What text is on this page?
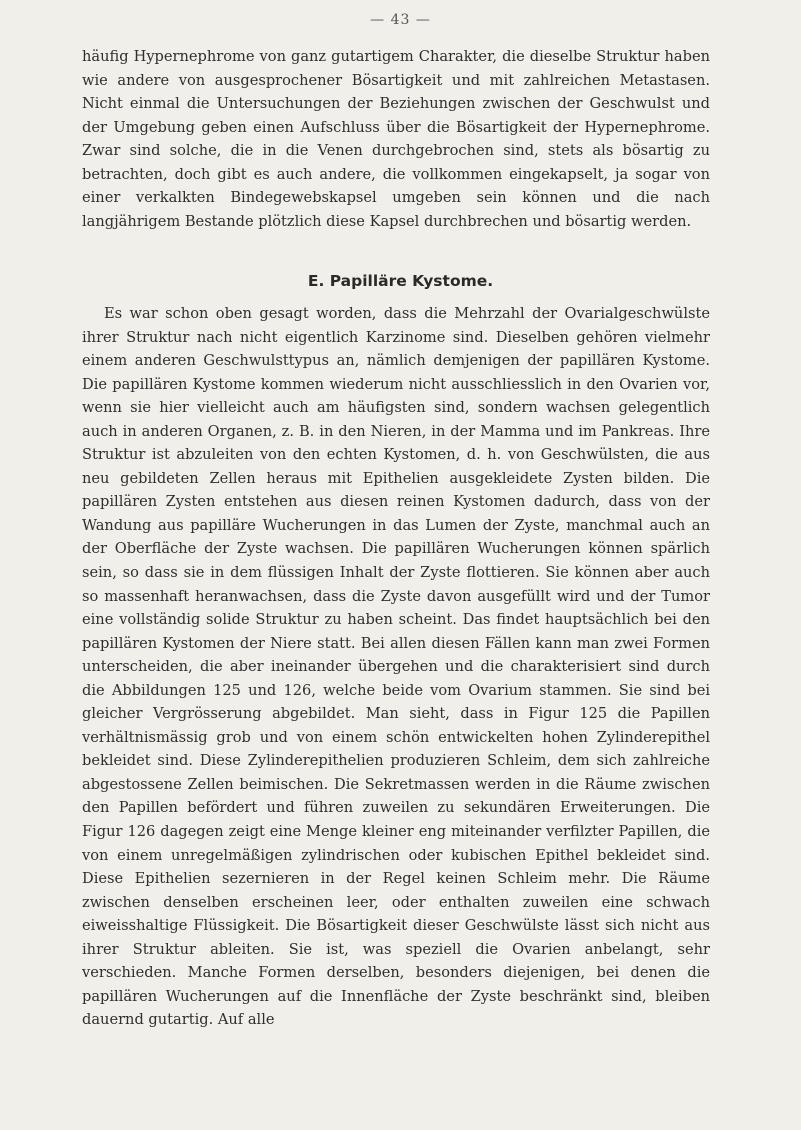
— 43 —
häufig Hypernephrome von ganz gutartigem Charakter, die dieselbe Struktur haben wie andere von ausgesprochener Bösartigkeit und mit zahlreichen Metastasen. Nicht einmal die Untersuchungen der Beziehungen zwischen der Geschwulst und der Umgebung geben einen Aufschluss über die Bösartigkeit der Hypernephrome. Zwar sind solche, die in die Venen durchgebrochen sind, stets als bösartig zu betrachten, doch gibt es auch andere, die vollkommen eingekapselt, ja sogar von einer verkalkten Bindegewebskapsel umgeben sein können und die nach langjährigem Bestande plötzlich diese Kapsel durchbrechen und bösartig werden.
E. Papilläre Kystome.
Es war schon oben gesagt worden, dass die Mehrzahl der Ovarialgeschwülste ihrer Struktur nach nicht eigentlich Karzinome sind. Dieselben gehören vielmehr einem anderen Geschwulsttypus an, nämlich demjenigen der papillären Kystome. Die papillären Kystome kommen wiederum nicht ausschliesslich in den Ovarien vor, wenn sie hier vielleicht auch am häufigsten sind, sondern wachsen gelegentlich auch in anderen Organen, z. B. in den Nieren, in der Mamma und im Pankreas. Ihre Struktur ist abzuleiten von den echten Kystomen, d. h. von Geschwülsten, die aus neu gebildeten Zellen heraus mit Epithelien ausgekleidete Zysten bilden. Die papillären Zysten entstehen aus diesen reinen Kystomen dadurch, dass von der Wandung aus papilläre Wucherungen in das Lumen der Zyste, manchmal auch an der Oberfläche der Zyste wachsen. Die papillären Wucherungen können spärlich sein, so dass sie in dem flüssigen Inhalt der Zyste flottieren. Sie können aber auch so massenhaft heranwachsen, dass die Zyste davon ausgefüllt wird und der Tumor eine vollständig solide Struktur zu haben scheint. Das findet hauptsächlich bei den papillären Kystomen der Niere statt. Bei allen diesen Fällen kann man zwei Formen unterscheiden, die aber ineinander übergehen und die charakterisiert sind durch die Abbildungen 125 und 126, welche beide vom Ovarium stammen. Sie sind bei gleicher Vergrösserung abgebildet. Man sieht, dass in Figur 125 die Papillen verhältnismässig grob und von einem schön entwickelten hohen Zylinderepithel bekleidet sind. Diese Zylinderepithelien produzieren Schleim, dem sich zahlreiche abgestossene Zellen beimischen. Die Sekretmassen werden in die Räume zwischen den Papillen befördert und führen zuweilen zu sekundären Erweiterungen. Die Figur 126 dagegen zeigt eine Menge kleiner eng miteinander verfilzter Papillen, die von einem unregelmäßigen zylindrischen oder kubischen Epithel bekleidet sind. Diese Epithelien sezernieren in der Regel keinen Schleim mehr. Die Räume zwischen denselben erscheinen leer, oder enthalten zuweilen eine schwach eiweisshaltige Flüssigkeit. Die Bösartigkeit dieser Geschwülste lässt sich nicht aus ihrer Struktur ableiten. Sie ist, was speziell die Ovarien anbelangt, sehr verschieden. Manche Formen derselben, besonders diejenigen, bei denen die papillären Wucherungen auf die Innenfläche der Zyste beschränkt sind, bleiben dauernd gutartig. Auf alle
